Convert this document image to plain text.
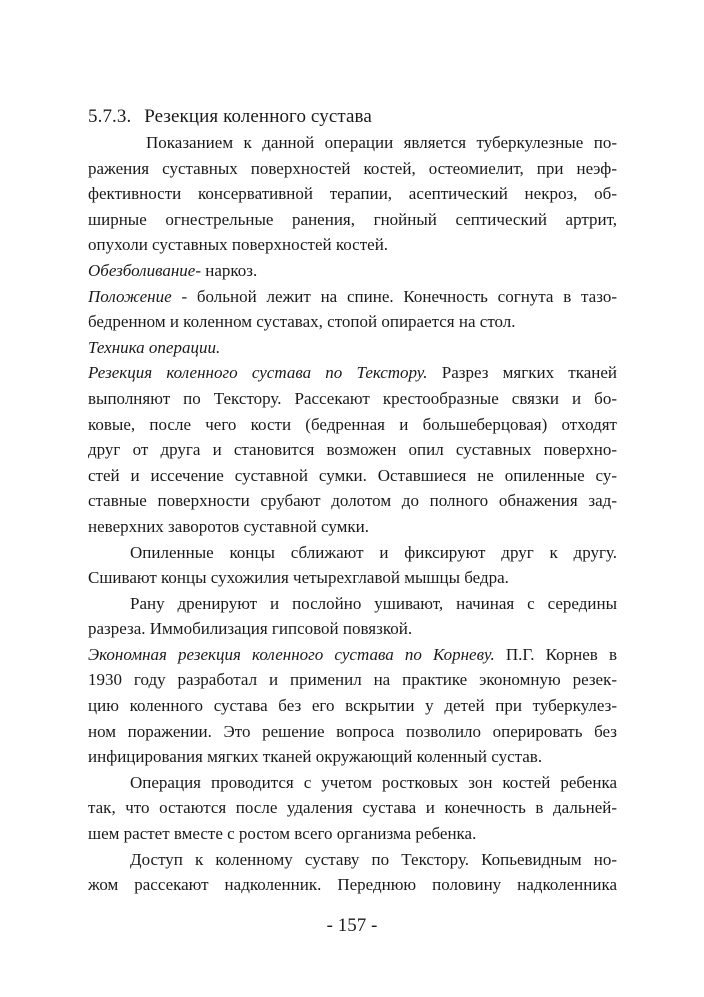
5.7.3. Резекция коленного сустава
Показанием к данной операции является туберкулезные по-
ражения суставных поверхностей костей, остеомиелит, при неэф-
фективности консервативной терапии, асептический некроз, об-
ширные огнестрельные ранения, гнойный септический артрит,
опухоли суставных поверхностей костей.
Обезболивание- наркоз.
Положение - больной лежит на спине. Конечность согнута в тазо-
бедренном и коленном суставах, стопой опирается на стол.
Техника операции.
Резекция коленного сустава по Текстору. Разрез мягких тканей
выполняют по Текстору. Рассекают крестообразные связки и бо-
ковые, после чего кости (бедренная и большеберцовая) отходят
друг от друга и становится возможен опил суставных поверхно-
стей и иссечение суставной сумки. Оставшиеся не опиленные су-
ставные поверхности срубают долотом до полного обнажения зад-
неверхних заворотов суставной сумки.
Опиленные концы сближают и фиксируют друг к другу.
Сшивают концы сухожилия четырехглавой мышцы бедра.
Рану дренируют и послойно ушивают, начиная с середины
разреза. Иммобилизация гипсовой повязкой.
Экономная резекция коленного сустава по Корневу. П.Г. Корнев в
1930 году разработал и применил на практике экономную резек-
цию коленного сустава без его вскрытии у детей при туберкулез-
ном поражении. Это решение вопроса позволило оперировать без
инфицирования мягких тканей окружающий коленный сустав.
Операция проводится с учетом ростковых зон костей ребенка
так, что остаются после удаления сустава и конечность в дальней-
шем растет вместе с ростом всего организма ребенка.
Доступ к коленному суставу по Текстору. Копьевидным но-
жом рассекают надколенник. Переднюю половину надколенника
- 157 -
